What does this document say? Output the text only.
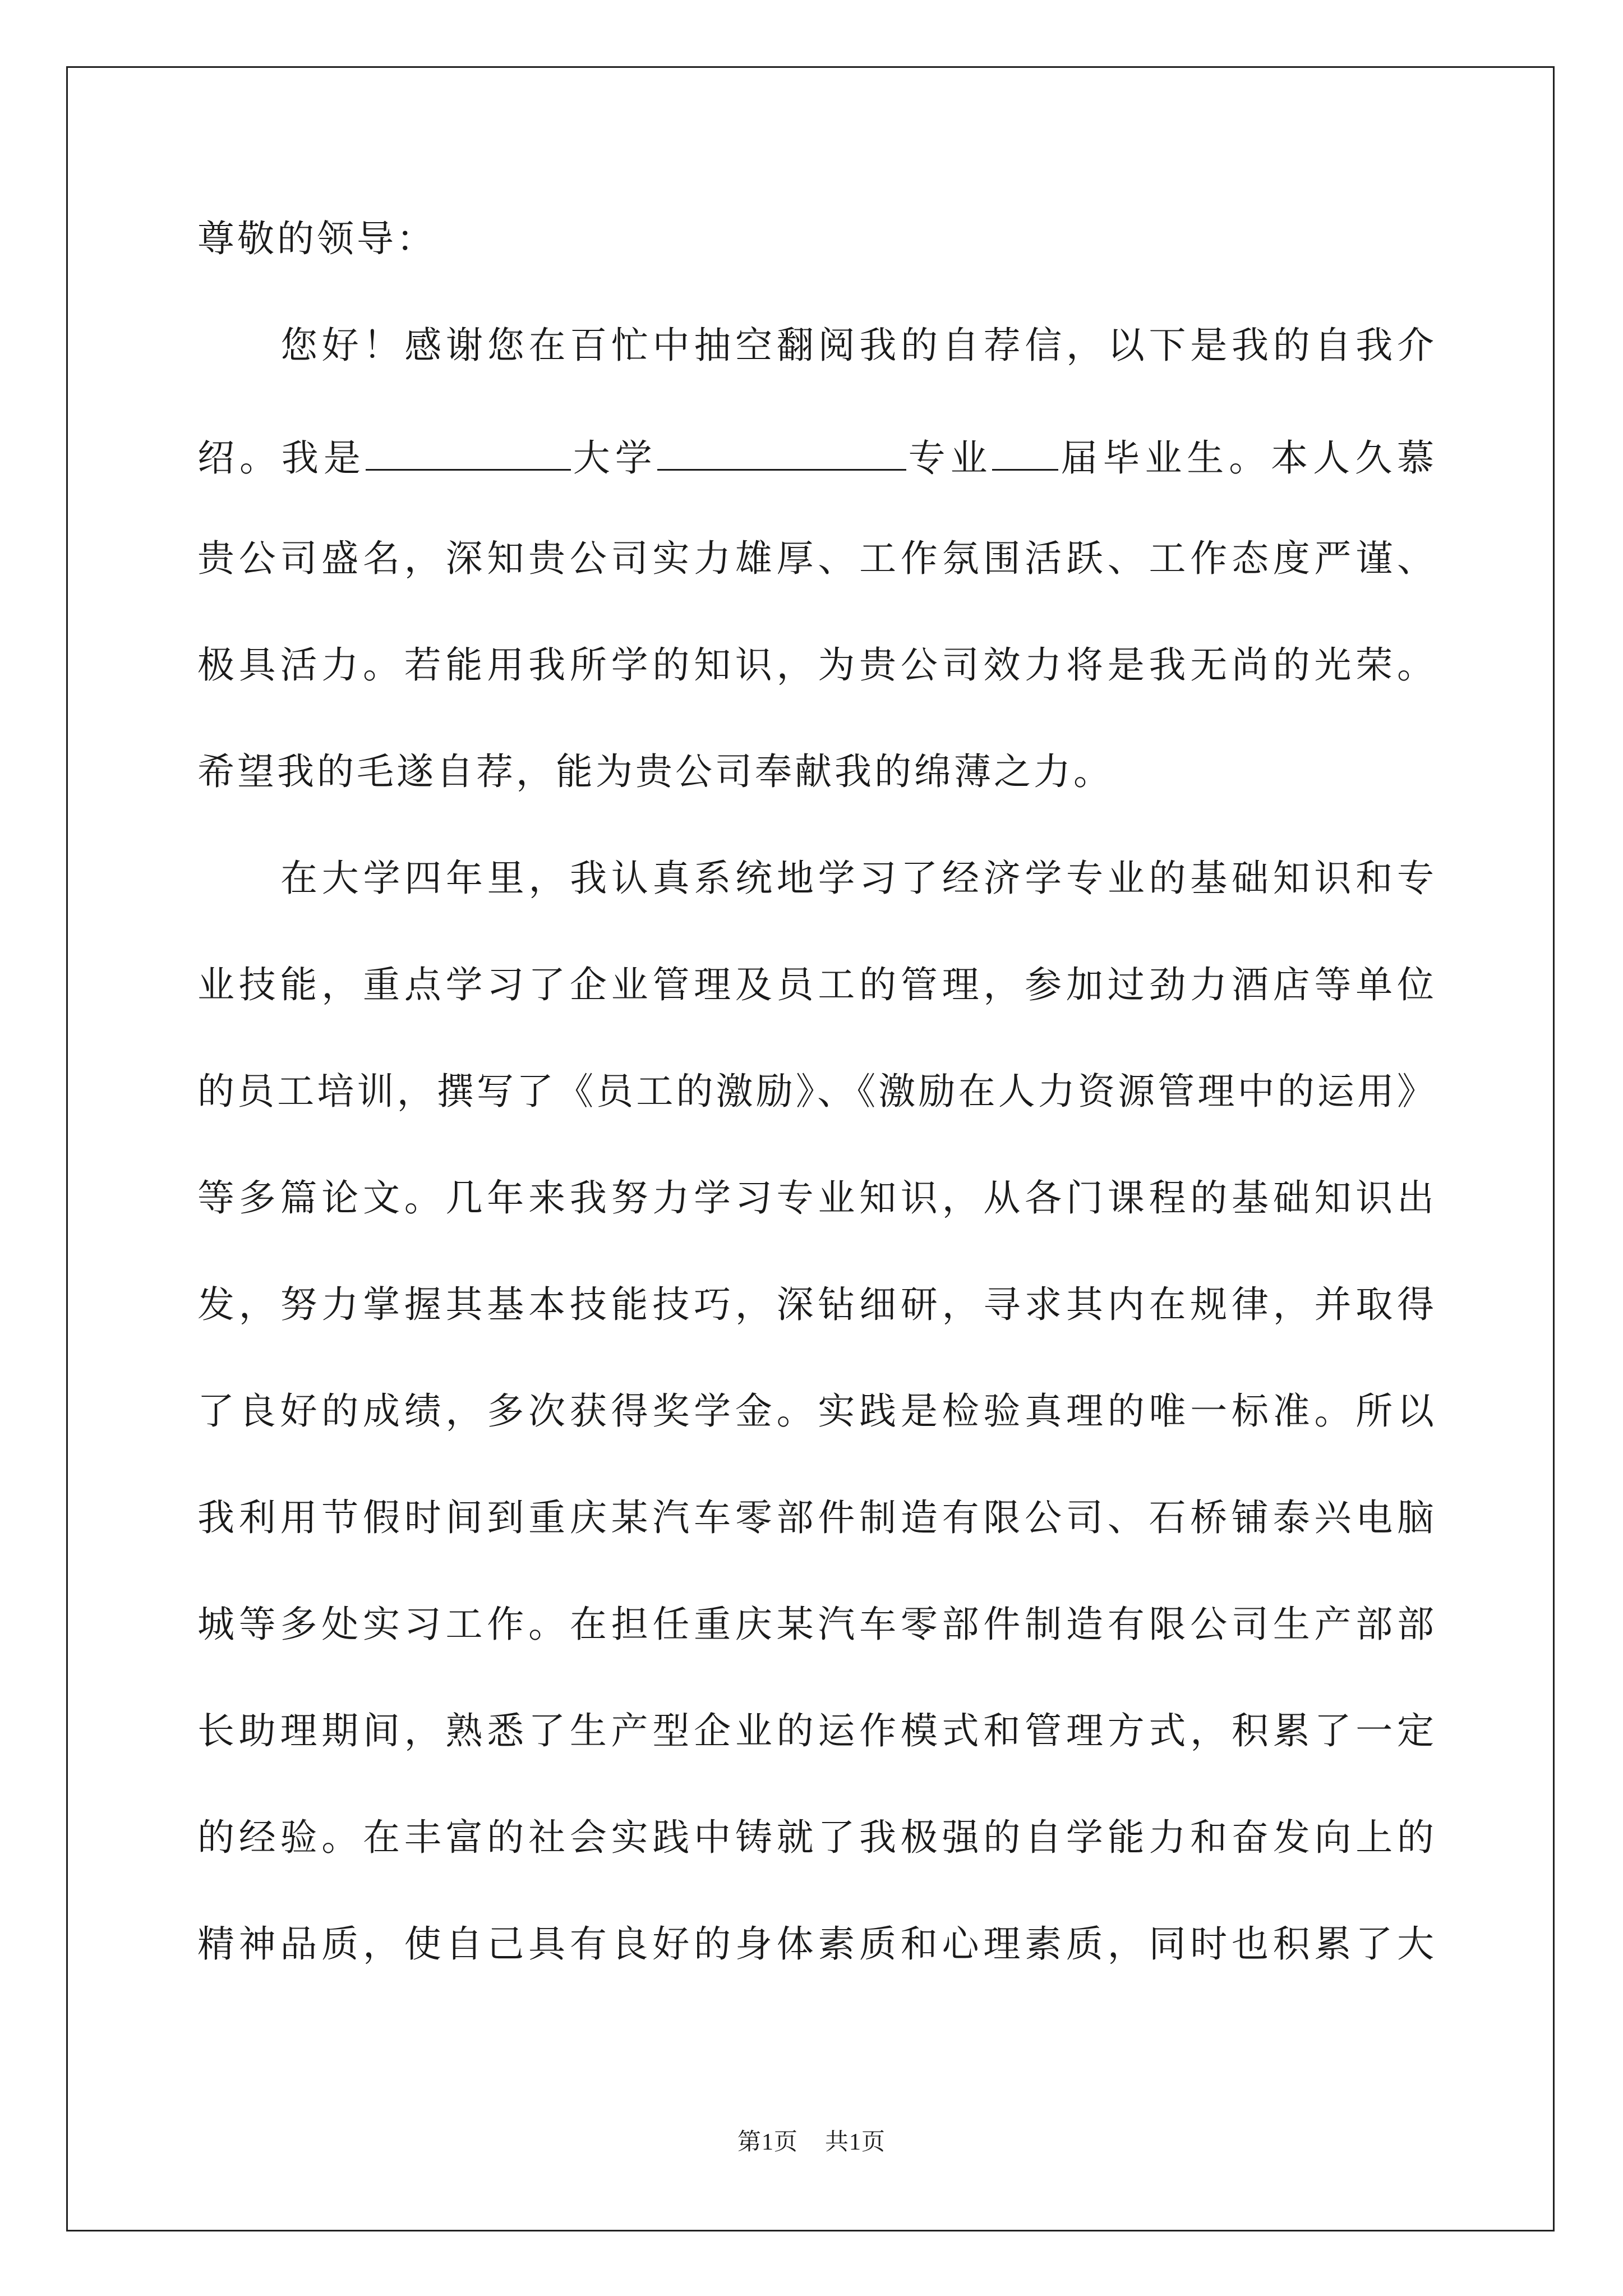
尊敬的领导：
您好！感谢您在百忙中抽空翻阅我的自荐信，以下是我的自我介
绍。我是	大学	专业 届毕业生。本人久慕
贵公司盛名，深知贵公司实力雄厚、工作氛围活跃、工作态度严谨、
极具活力。若能用我所学的知识，为贵公司效力将是我无尚的光荣。
希望我的毛遂自荐，能为贵公司奉献我的绵薄之力。
在大学四年里，我认真系统地学习了经济学专业的基础知识和专
业技能，重点学习了企业管理及员工的管理，参加过劲力酒店等单位
的员工培训，撰写了《员工的激励》、《激励在人力资源管理中的运用》
等多篇论文。几年来我努力学习专业知识，从各门课程的基础知识出
发，努力掌握其基本技能技巧，深钻细研，寻求其内在规律，并取得
了良好的成绩，多次获得奖学金。实践是检验真理的唯一标准。所以
我利用节假时间到重庆某汽车零部件制造有限公司、石桥铺泰兴电脑
城等多处实习工作。在担任重庆某汽车零部件制造有限公司生产部部
长助理期间，熟悉了生产型企业的运作模式和管理方式，积累了一定
的经验。在丰富的社会实践中铸就了我极强的自学能力和奋发向上的
精神品质，使自己具有良好的身体素质和心理素质，同时也积累了大
第1页 共1页
